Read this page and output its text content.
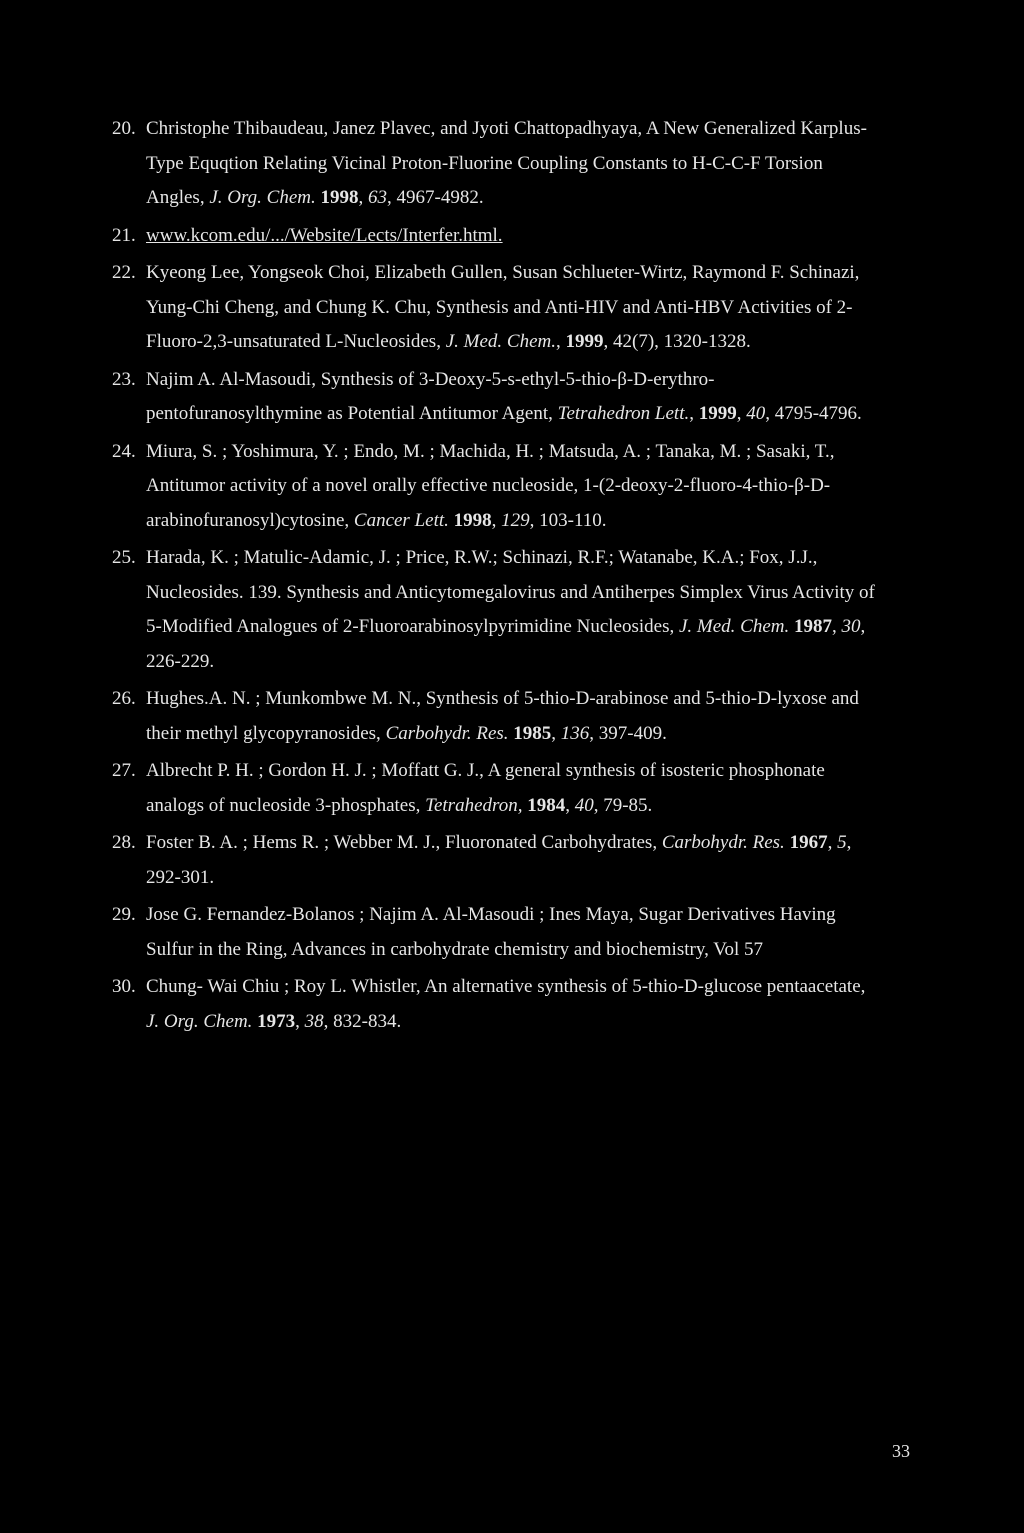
20. Christophe Thibaudeau, Janez Plavec, and Jyoti Chattopadhyaya, A New Generalized Karplus-Type Equqtion Relating Vicinal Proton-Fluorine Coupling Constants to H-C-C-F Torsion Angles, J. Org. Chem. 1998, 63, 4967-4982.
21. www.kcom.edu/.../Website/Lects/Interfer.html.
22. Kyeong Lee, Yongseok Choi, Elizabeth Gullen, Susan Schlueter-Wirtz, Raymond F. Schinazi, Yung-Chi Cheng, and Chung K. Chu, Synthesis and Anti-HIV and Anti-HBV Activities of 2-Fluoro-2,3-unsaturated L-Nucleosides, J. Med. Chem., 1999, 42(7), 1320-1328.
23. Najim A. Al-Masoudi, Synthesis of 3-Deoxy-5-s-ethyl-5-thio-β-D-erythro-pentofuranosylthymine as Potential Antitumor Agent, Tetrahedron Lett., 1999, 40, 4795-4796.
24. Miura, S. ; Yoshimura, Y. ; Endo, M. ; Machida, H. ; Matsuda, A. ; Tanaka, M. ; Sasaki, T., Antitumor activity of a novel orally effective nucleoside, 1-(2-deoxy-2-fluoro-4-thio-β-D-arabinofuranosyl)cytosine, Cancer Lett. 1998, 129, 103-110.
25. Harada, K. ; Matulic-Adamic, J. ; Price, R.W.; Schinazi, R.F.; Watanabe, K.A.; Fox, J.J., Nucleosides. 139. Synthesis and Anticytomegalovirus and Antiherpes Simplex Virus Activity of 5-Modified Analogues of 2-Fluoroarabinosylpyrimidine Nucleosides, J. Med. Chem. 1987, 30, 226-229.
26. Hughes.A. N. ; Munkombwe M. N., Synthesis of 5-thio-D-arabinose and 5-thio-D-lyxose and their methyl glycopyranosides, Carbohydr. Res. 1985, 136, 397-409.
27. Albrecht P. H. ; Gordon H. J. ; Moffatt G. J., A general synthesis of isosteric phosphonate analogs of nucleoside 3-phosphates, Tetrahedron, 1984, 40, 79-85.
28. Foster B. A. ; Hems R. ; Webber M. J., Fluoronated Carbohydrates, Carbohydr. Res. 1967, 5, 292-301.
29. Jose G. Fernandez-Bolanos ; Najim A. Al-Masoudi ; Ines Maya, Sugar Derivatives Having Sulfur in the Ring, Advances in carbohydrate chemistry and biochemistry, Vol 57
30. Chung- Wai Chiu ; Roy L. Whistler, An alternative synthesis of 5-thio-D-glucose pentaacetate, J. Org. Chem. 1973, 38, 832-834.
33
